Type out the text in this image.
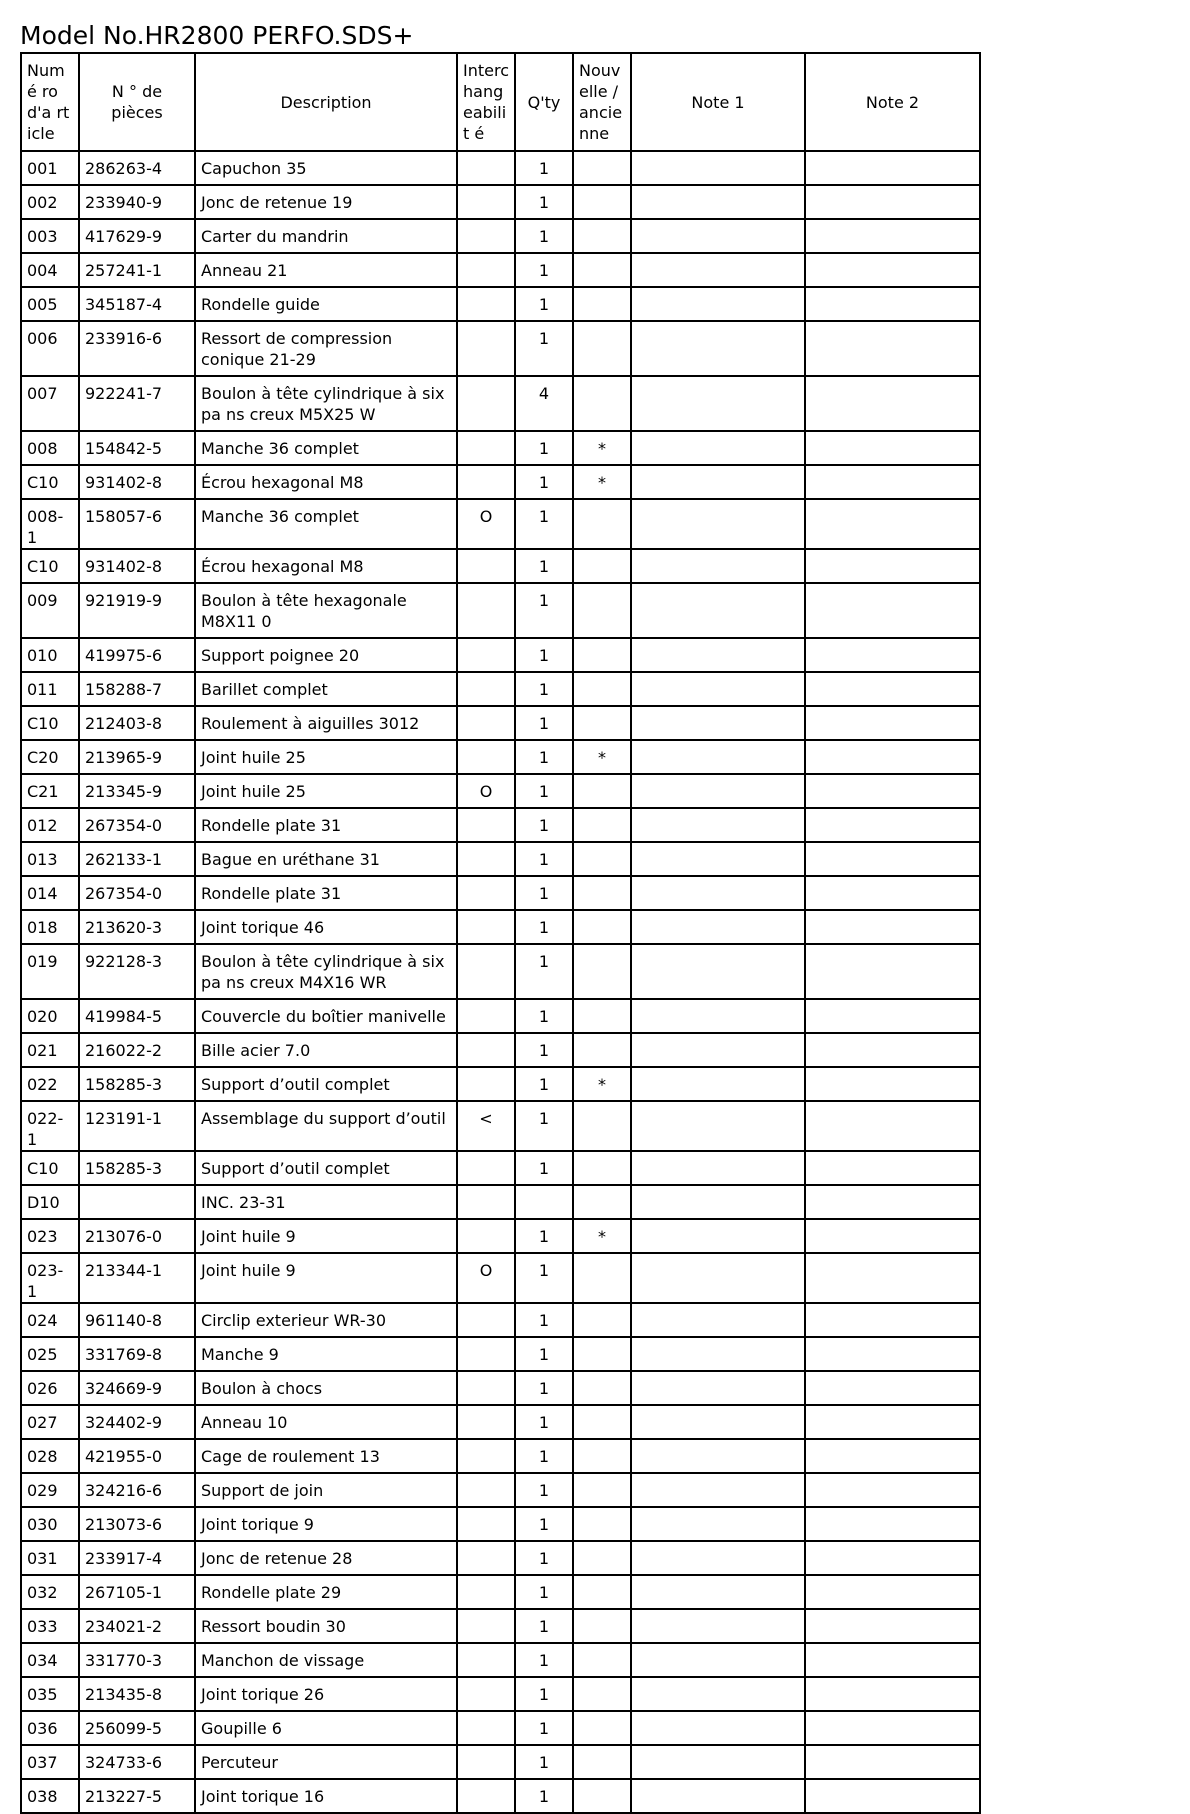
Model No.HR2800 PERFO.SDS+
Numé ro d'a rticle	N ° de pièces	Description	Interc hang eabilit é	Q'ty	Nouv elle / ancie nne	Note 1	Note 2
001	286263-4	Capuchon 35		1			
002	233940-9	Jonc de retenue 19		1			
003	417629-9	Carter du mandrin		1			
004	257241-1	Anneau 21		1			
005	345187-4	Rondelle guide		1			
006	233916-6	Ressort de compression conique 21-29		1			
007	922241-7	Boulon à tête cylindrique à six pa ns creux M5X25 W		4			
008	154842-5	Manche 36 complet		1	*		
C10	931402-8	Écrou hexagonal M8		1	*		
008-1	158057-6	Manche 36 complet	O	1			
C10	931402-8	Écrou hexagonal M8		1			
009	921919-9	Boulon à tête hexagonale M8X11 0		1			
010	419975-6	Support poignee 20		1			
011	158288-7	Barillet complet		1			
C10	212403-8	Roulement à aiguilles 3012		1			
C20	213965-9	Joint huile 25		1	*		
C21	213345-9	Joint huile 25	O	1			
012	267354-0	Rondelle plate 31		1			
013	262133-1	Bague en uréthane 31		1			
014	267354-0	Rondelle plate 31		1			
018	213620-3	Joint torique 46		1			
019	922128-3	Boulon à tête cylindrique à six pa ns creux M4X16 WR		1			
020	419984-5	Couvercle du boîtier manivelle		1			
021	216022-2	Bille acier 7.0		1			
022	158285-3	Support d’outil complet		1	*		
022-1	123191-1	Assemblage du support d’outil	<	1			
C10	158285-3	Support d’outil complet		1			
D10		INC. 23-31					
023	213076-0	Joint huile 9		1	*		
023-1	213344-1	Joint huile 9	O	1			
024	961140-8	Circlip exterieur WR-30		1			
025	331769-8	Manche 9		1			
026	324669-9	Boulon à chocs		1			
027	324402-9	Anneau 10		1			
028	421955-0	Cage de roulement 13		1			
029	324216-6	Support de join		1			
030	213073-6	Joint torique 9		1			
031	233917-4	Jonc de retenue 28		1			
032	267105-1	Rondelle plate 29		1			
033	234021-2	Ressort boudin 30		1			
034	331770-3	Manchon de vissage		1			
035	213435-8	Joint torique 26		1			
036	256099-5	Goupille 6		1			
037	324733-6	Percuteur		1			
038	213227-5	Joint torique 16		1			
